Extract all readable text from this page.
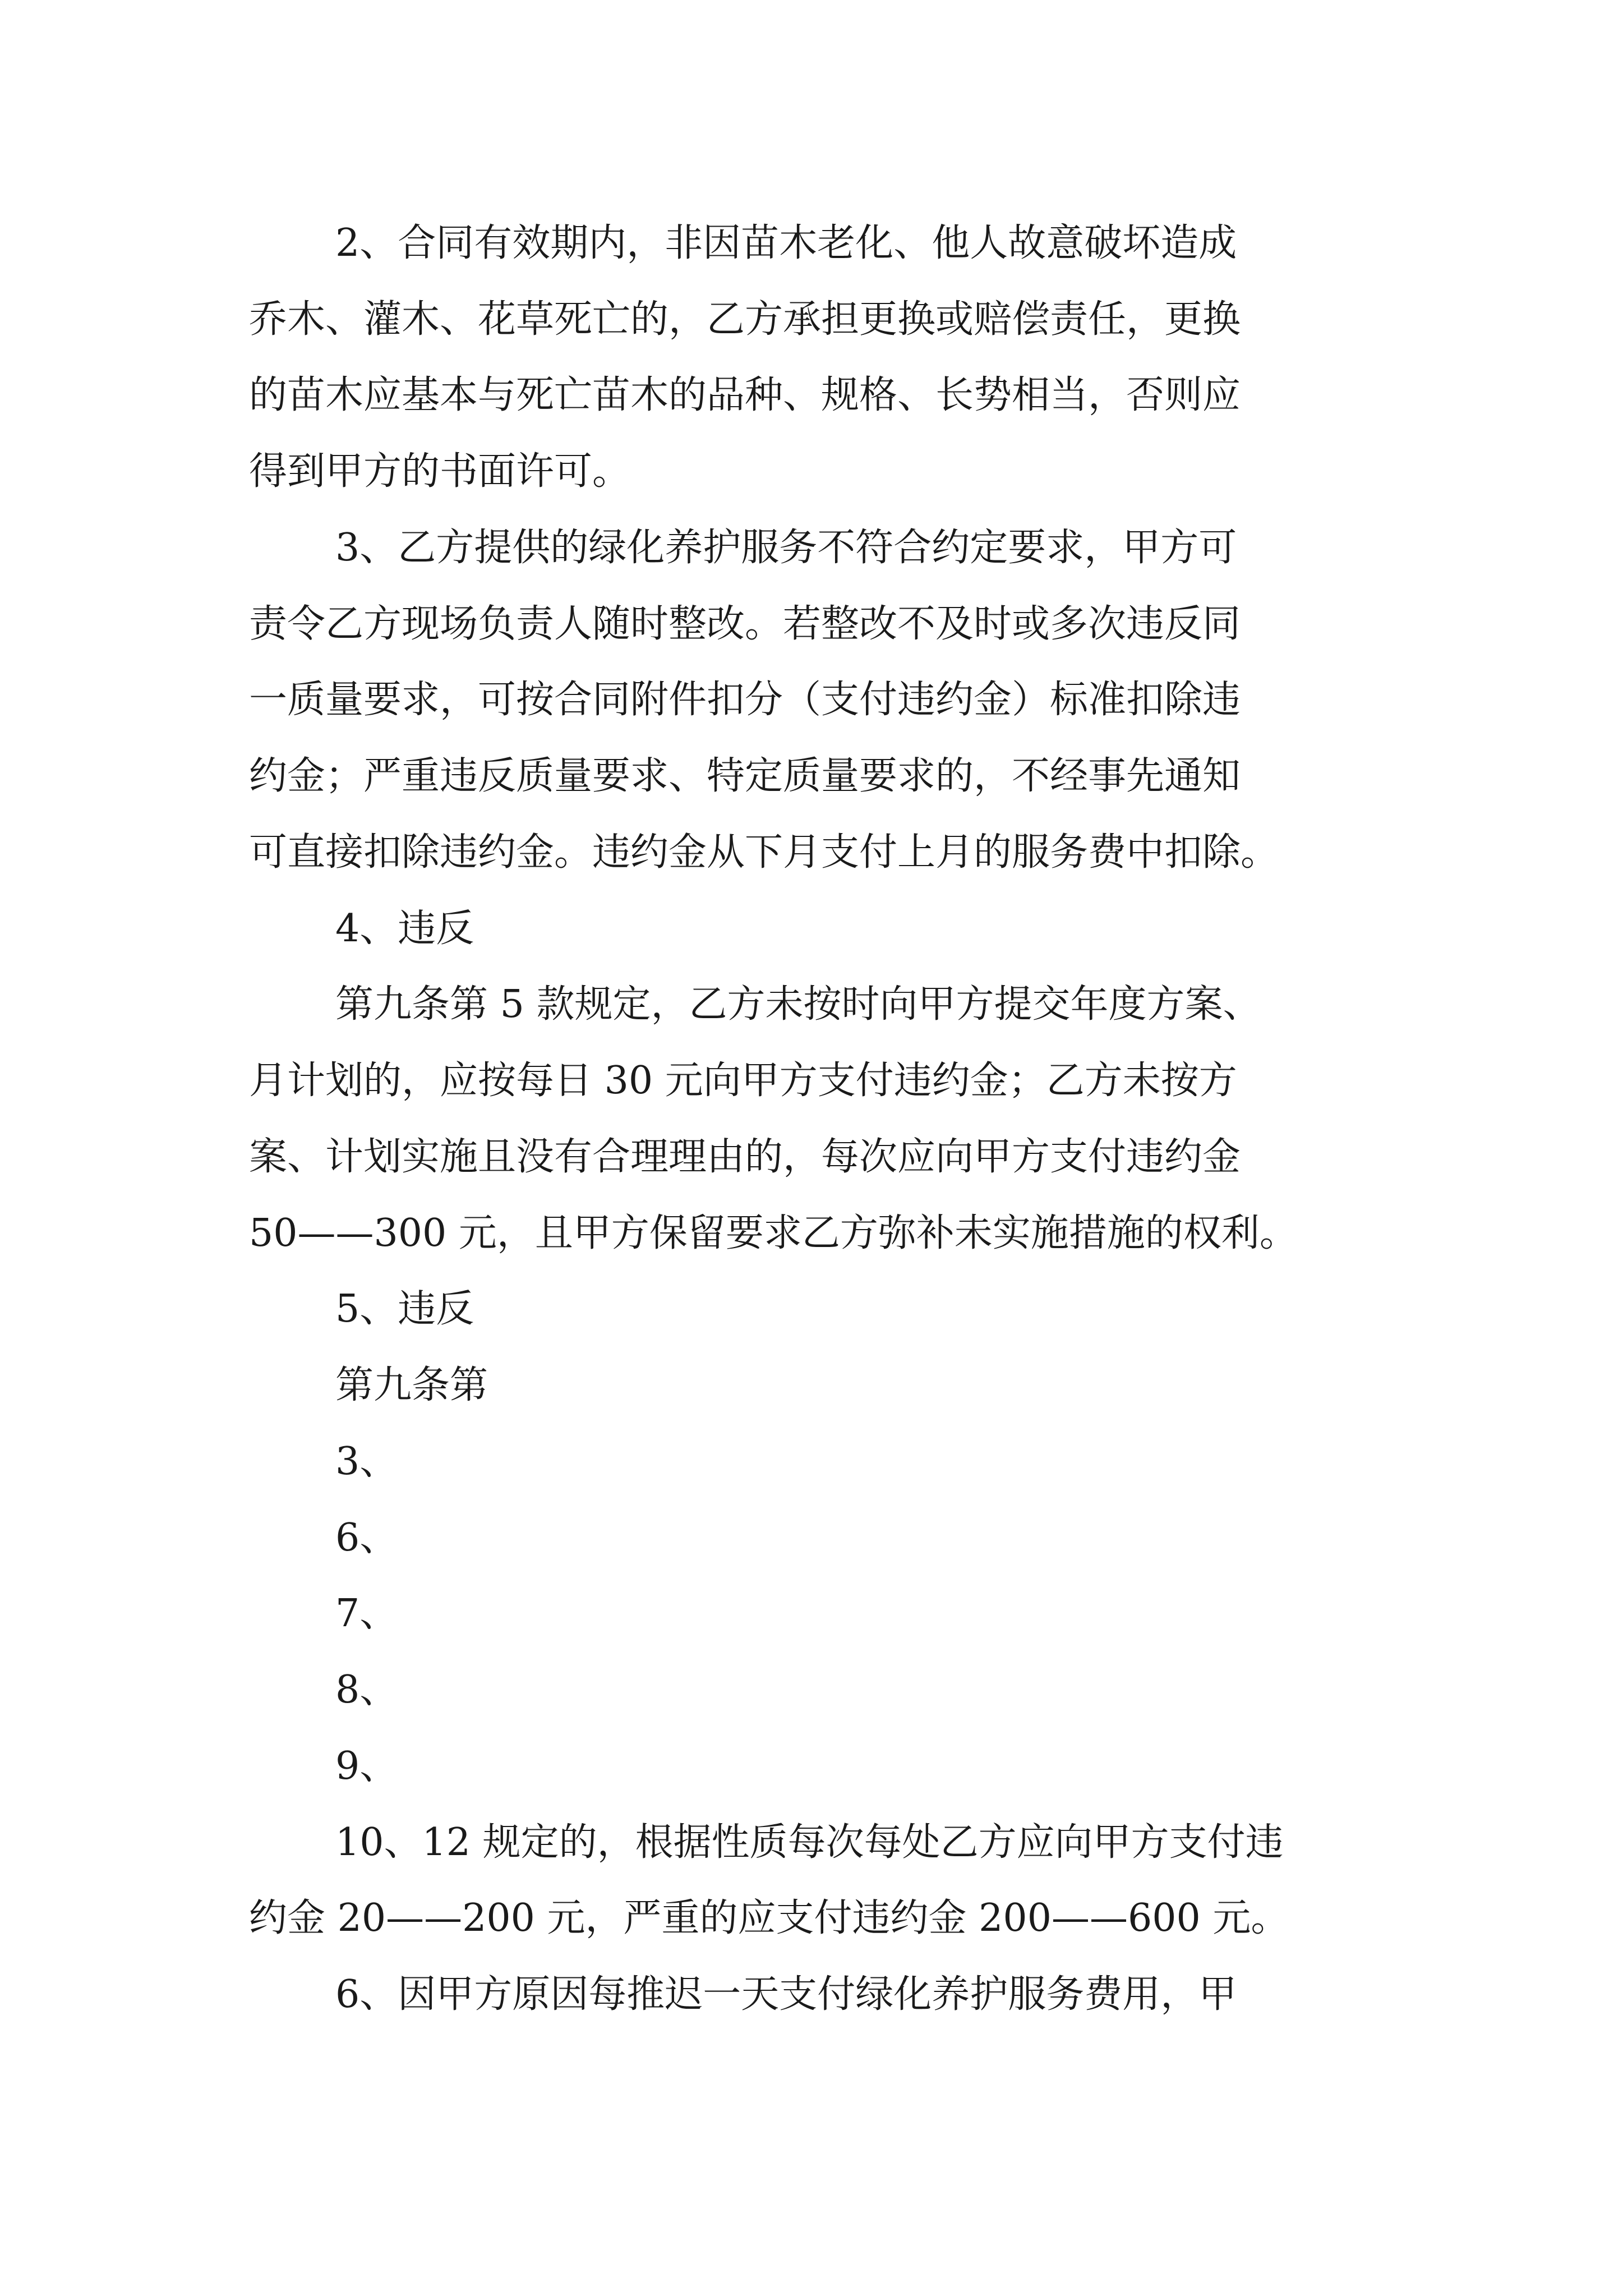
2、合同有效期内，非因苗木老化、他人故意破坏造成
乔木、灌木、花草死亡的，乙方承担更换或赔偿责任，更换
的苗木应基本与死亡苗木的品种、规格、长势相当，否则应
得到甲方的书面许可。
3、乙方提供的绿化养护服务不符合约定要求，甲方可
责令乙方现场负责人随时整改。若整改不及时或多次违反同
一质量要求，可按合同附件扣分（支付违约金）标准扣除违
约金；严重违反质量要求、特定质量要求的，不经事先通知
可直接扣除违约金。违约金从下月支付上月的服务费中扣除。
4、违反
第九条第 5 款规定，乙方未按时向甲方提交年度方案、
月计划的，应按每日 30 元向甲方支付违约金；乙方未按方
案、计划实施且没有合理理由的，每次应向甲方支付违约金
50——300 元，且甲方保留要求乙方弥补未实施措施的权利。
5、违反
第九条第
3、
6、
7、
8、
9、
10、12 规定的，根据性质每次每处乙方应向甲方支付违
约金 20——200 元，严重的应支付违约金 200——600 元。
6、因甲方原因每推迟一天支付绿化养护服务费用，甲
